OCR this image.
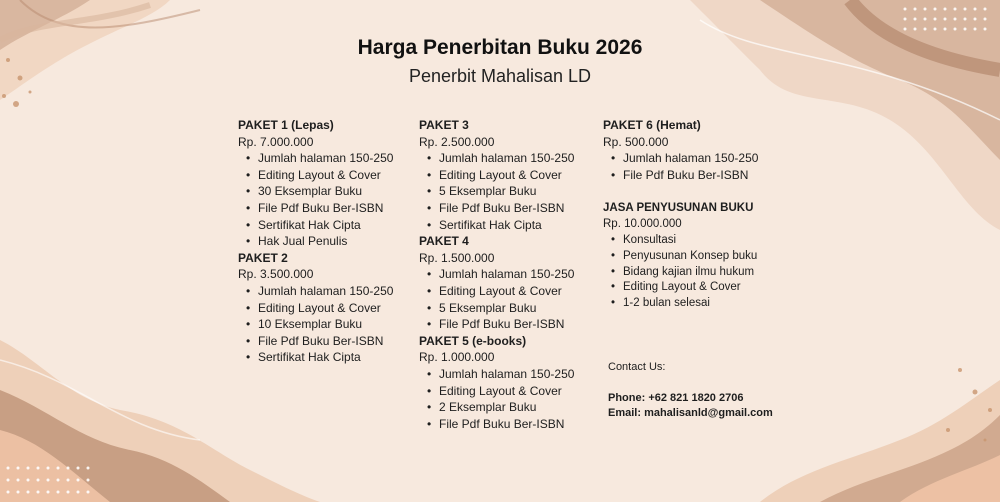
Harga Penerbitan Buku 2026
Penerbit Mahalisan LD
PAKET 1 (Lepas)
Rp. 7.000.000
• Jumlah halaman 150-250
• Editing Layout & Cover
• 30 Eksemplar Buku
• File Pdf Buku Ber-ISBN
• Sertifikat Hak Cipta
• Hak Jual Penulis
PAKET 2
Rp. 3.500.000
• Jumlah halaman 150-250
• Editing Layout & Cover
• 10 Eksemplar Buku
• File Pdf Buku Ber-ISBN
• Sertifikat Hak Cipta
PAKET 3
Rp. 2.500.000
• Jumlah halaman 150-250
• Editing Layout & Cover
• 5 Eksemplar Buku
• File Pdf Buku Ber-ISBN
• Sertifikat Hak Cipta
PAKET 4
Rp. 1.500.000
• Jumlah halaman 150-250
• Editing Layout & Cover
• 5 Eksemplar Buku
• File Pdf Buku Ber-ISBN
PAKET 5 (e-books)
Rp. 1.000.000
• Jumlah halaman 150-250
• Editing Layout & Cover
• 2 Eksemplar Buku
• File Pdf Buku Ber-ISBN
PAKET 6 (Hemat)
Rp. 500.000
• Jumlah halaman 150-250
• File Pdf Buku Ber-ISBN
JASA PENYUSUNAN BUKU
Rp. 10.000.000
• Konsultasi
• Penyusunan Konsep buku
• Bidang kajian ilmu hukum
• Editing Layout & Cover
• 1-2 bulan selesai
Contact Us:
Phone: +62 821 1820 2706
Email: mahalisanld@gmail.com
